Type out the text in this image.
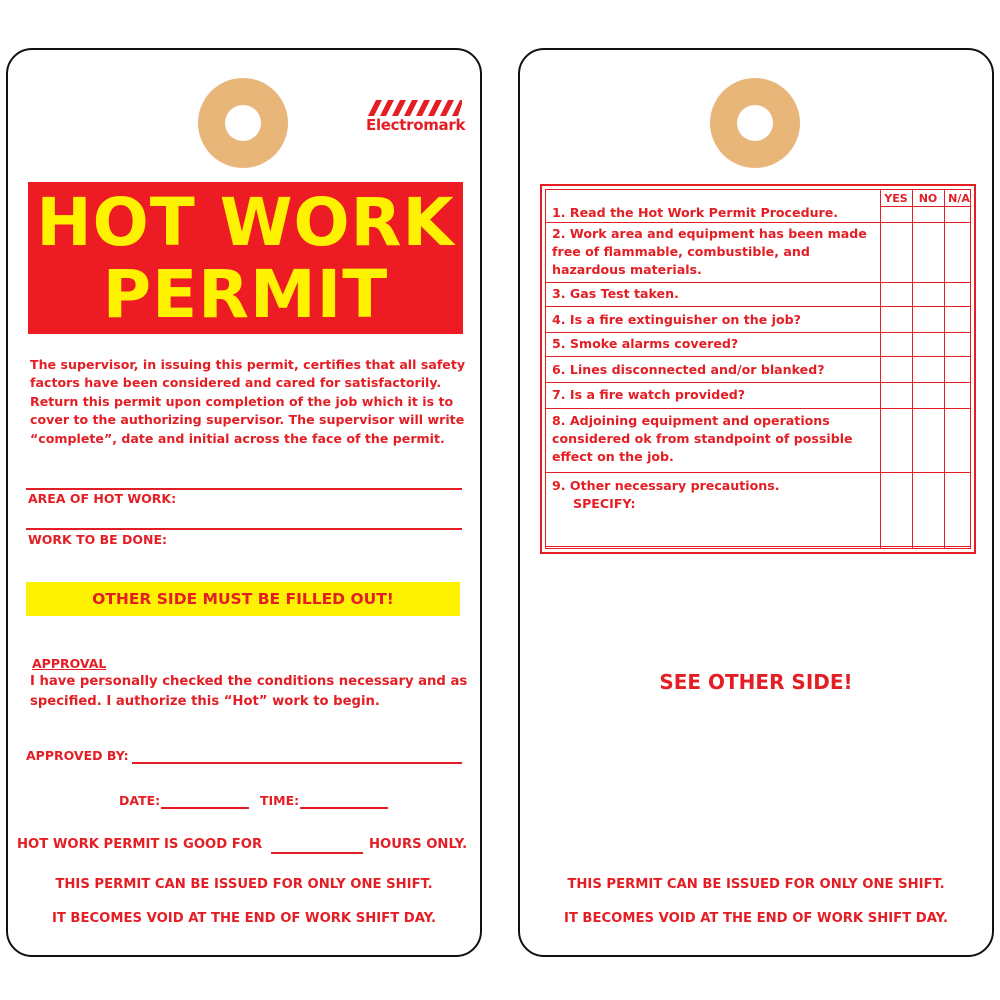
Electromark
HOT WORK
PERMIT
The supervisor, in issuing this permit, certifies that all safety factors have been considered and cared for satisfactorily. Return this permit upon completion of the job which it is to cover to the authorizing supervisor. The supervisor will write “complete”, date and initial across the face of the permit.
AREA OF HOT WORK:
WORK TO BE DONE:
OTHER SIDE MUST BE FILLED OUT!
APPROVAL
I have personally checked the conditions necessary and as specified. I authorize this “Hot” work to begin.
APPROVED BY:
DATE:	TIME:
HOT WORK PERMIT IS GOOD FOR	HOURS ONLY.
THIS PERMIT CAN BE ISSUED FOR ONLY ONE SHIFT.
IT BECOMES VOID AT THE END OF WORK SHIFT DAY.
YES	NO N/A
1. Read the Hot Work Permit Procedure.
2. Work area and equipment has been made free of flammable, combustible, and hazardous materials.
3. Gas Test taken.
4. Is a fire extinguisher on the job?
5. Smoke alarms covered?
6. Lines disconnected and/or blanked?
7. Is a fire watch provided?
8. Adjoining equipment and operations considered ok from standpoint of possible effect on the job.
9. Other necessary precautions.
SPECIFY:
SEE OTHER SIDE!
THIS PERMIT CAN BE ISSUED FOR ONLY ONE SHIFT.
IT BECOMES VOID AT THE END OF WORK SHIFT DAY.
